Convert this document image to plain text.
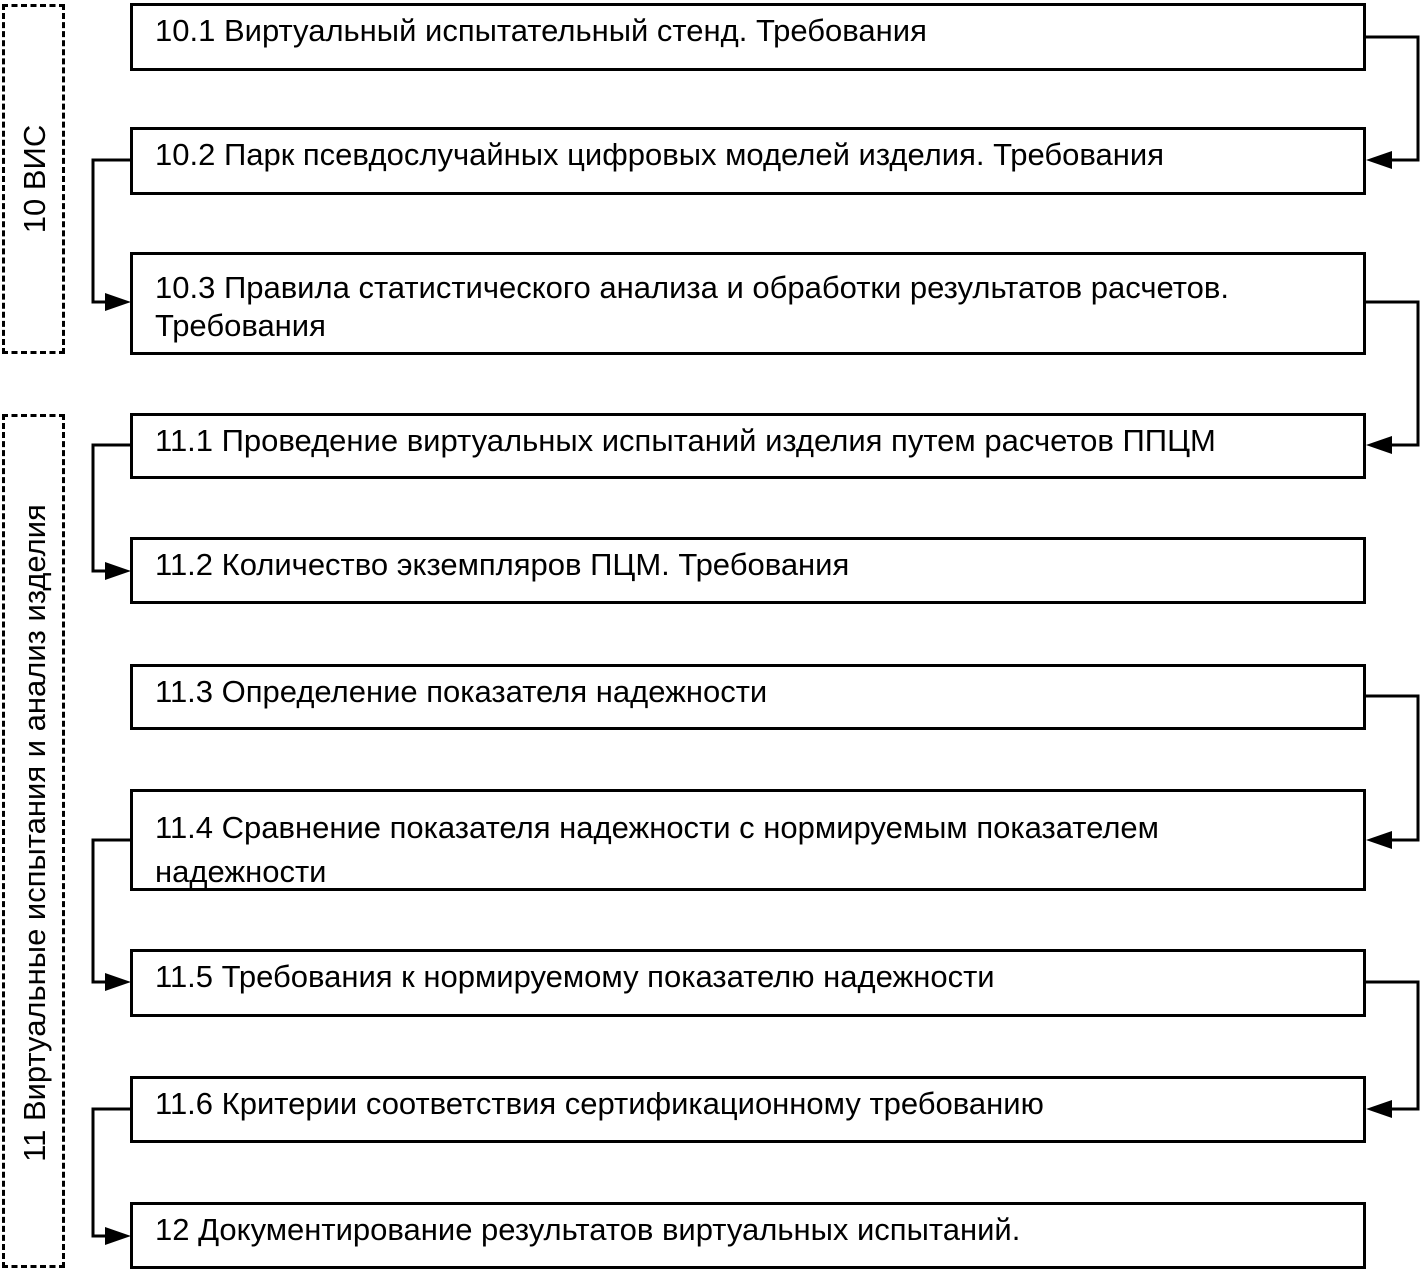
10 ВИС
11 Виртуальные испытания и анализ изделия
10.1 Виртуальный испытательный стенд. Требования
10.2 Парк псевдослучайных цифровых моделей изделия. Требования
10.3 Правила статистического анализа и обработки результатов расчетов.
Требования
11.1 Проведение виртуальных испытаний изделия путем расчетов ППЦМ
11.2 Количество экземпляров ПЦМ. Требования
11.3 Определение показателя надежности
11.4 Сравнение показателя надежности с нормируемым показателем
надежности
11.5 Требования к нормируемому показателю надежности
11.6 Критерии соответствия сертификационному требованию
12 Документирование результатов виртуальных испытаний.
